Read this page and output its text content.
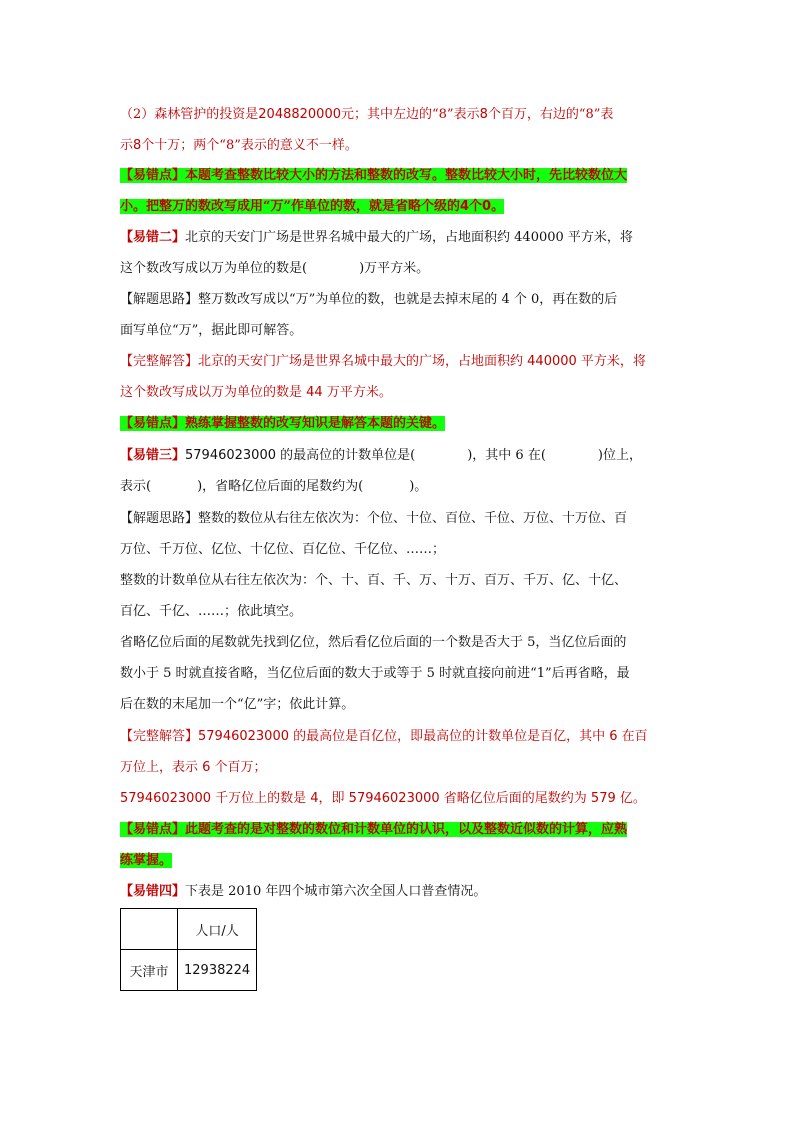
（2）森林管护的投资是2048820000元；其中左边的“8”表示8个百万，右边的“8”表
示8个十万；两个“8”表示的意义不一样。

【易错点】本题考查整数比较大小的方法和整数的改写。整数比较大小时，先比较数位大
小。把整万的数改写成用“万”作单位的数，就是省略个级的4个0。

【易错二】北京的天安门广场是世界名城中最大的广场，占地面积约 440000 平方米，将
这个数改写成以万为单位的数是(	)万平方米。

【解题思路】整万数改写成以“万”为单位的数，也就是去掉末尾的 4 个 0，再在数的后
面写单位“万”，据此即可解答。

【完整解答】北京的天安门广场是世界名城中最大的广场，占地面积约 440000 平方米，将
这个数改写成以万为单位的数是 44 万平方米。

【易错点】熟练掌握整数的改写知识是解答本题的关键。

【易错三】57946023000 的最高位的计数单位是(	)，其中 6 在(	)位上，
表示(	)，省略亿位后面的尾数约为(	)。

【解题思路】整数的数位从右往左依次为：个位、十位、百位、千位、万位、十万位、百
万位、千万位、亿位、十亿位、百亿位、千亿位、……；
整数的计数单位从右往左依次为：个、十、百、千、万、十万、百万、千万、亿、十亿、
百亿、千亿、……；依此填空。
省略亿位后面的尾数就先找到亿位，然后看亿位后面的一个数是否大于 5，当亿位后面的
数小于 5 时就直接省略，当亿位后面的数大于或等于 5 时就直接向前进“1”后再省略，最
后在数的末尾加一个“亿”字；依此计算。

【完整解答】57946023000 的最高位是百亿位，即最高位的计数单位是百亿，其中 6 在百
万位上，表示 6 个百万；
57946023000 千万位上的数是 4，即 57946023000 省略亿位后面的尾数约为 579 亿。

【易错点】此题考查的是对整数的数位和计数单位的认识，以及整数近似数的计算，应熟
练掌握。

【易错四】下表是 2010 年四个城市第六次全国人口普查情况。

	人口/人
天津市	12938224
